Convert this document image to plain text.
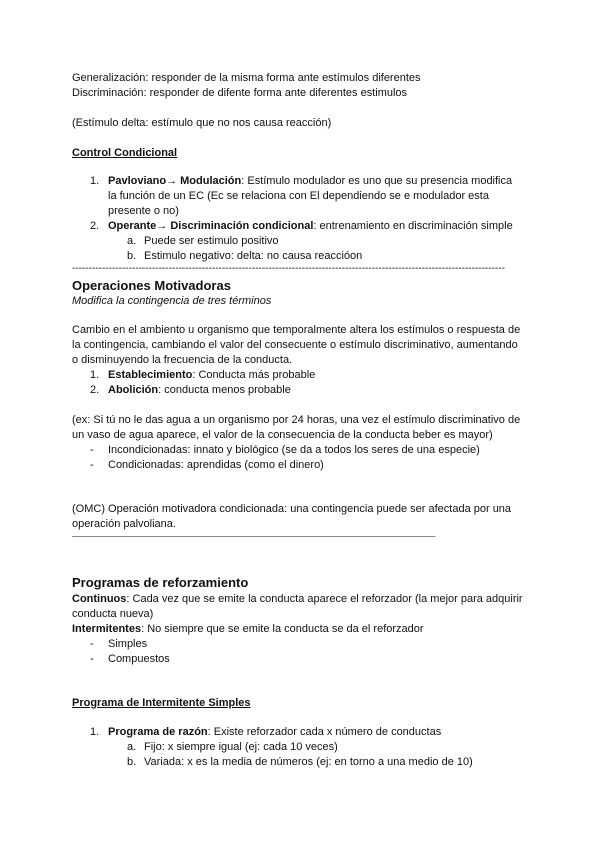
Generalización: responder de la misma forma ante estímulos diferentes
Discriminación: responder de difente forma ante diferentes estimulos
(Estímulo delta: estímulo que no nos causa reacción)
Control Condicional
1. Pavloviano→ Modulación: Estímulo modulador es uno que su presencia modifica
la función de un EC (Ec se relaciona con El dependiendo se e modulador esta
presente o no)
2. Operante→ Discriminación condicional: entrenamiento en discriminación simple
a. Puede ser estimulo positivo
b. Estimulo negativo: delta: no causa reaccióon
----------------------------------------------------------------------------------------------------------------------------------
Operaciones Motivadoras
Modifica la contingencia de tres términos
Cambio en el ambiento u organismo que temporalmente altera los estímulos o respuesta de
la contingencia, cambiando el valor del consecuente o estímulo discriminativo, aumentando
o disminuyendo la frecuencia de la conducta.
1. Establecimiento: Conducta más probable
2. Abolición: conducta menos probable
(ex: Si tú no le das agua a un organismo por 24 horas, una vez el estímulo discriminativo de
un vaso de agua aparece, el valor de la consecuencia de la conducta beber es mayor)
- Incondicionadas: innato y biológico (se da a todos los seres de una especie)
- Condicionadas: aprendidas (como el dinero)
(OMC) Operación motivadora condicionada: una contingencia puede ser afectada por una
operación palvoliana.
–––––––––––––––––––––––––––––––––––––––––––––––––––––––––––––––––––––––––––––––––––––––––––––––––––––––––––
Programas de reforzamiento
Continuos: Cada vez que se emite la conducta aparece el reforzador (la mejor para adquirir
conducta nueva)
Intermitentes: No siempre que se emite la conducta se da el reforzador
- Simples
- Compuestos
Programa de Intermitente Simples
1. Programa de razón: Existe reforzador cada x número de conductas
a. Fijo: x siempre igual (ej: cada 10 veces)
b. Variada: x es la media de números (ej: en torno a una medio de 10)
